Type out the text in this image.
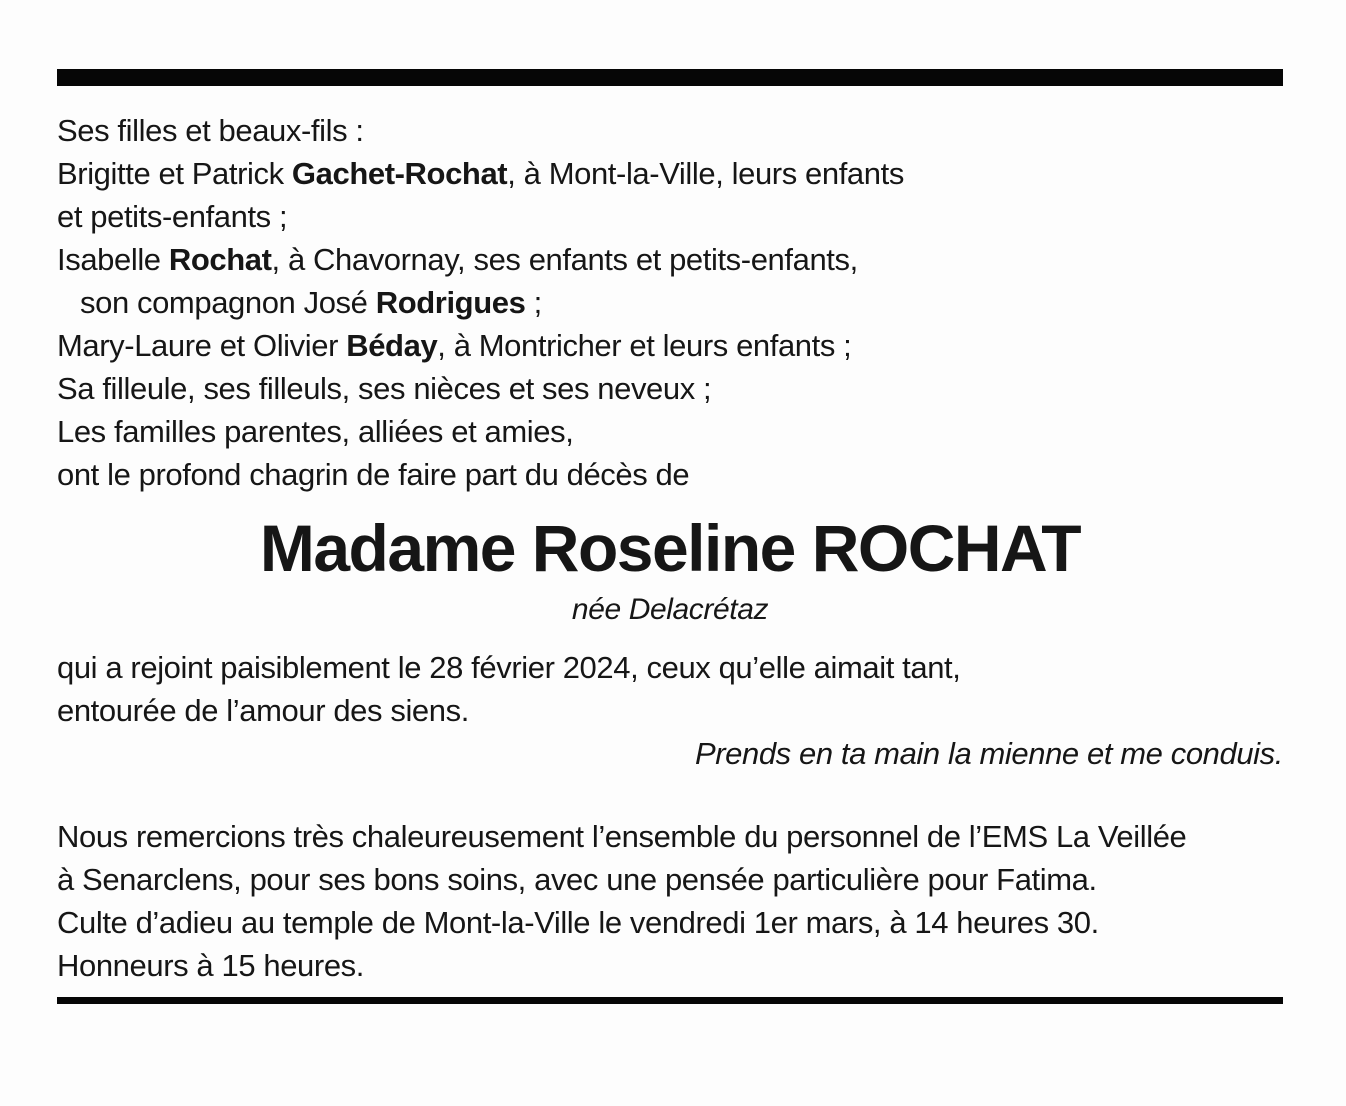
Ses filles et beaux-fils :
Brigitte et Patrick Gachet-Rochat, à Mont-la-Ville, leurs enfants
et petits-enfants ;
Isabelle Rochat, à Chavornay, ses enfants et petits-enfants,
son compagnon José Rodrigues ;
Mary-Laure et Olivier Béday, à Montricher et leurs enfants ;
Sa filleule, ses filleuls, ses nièces et ses neveux ;
Les familles parentes, alliées et amies,
ont le profond chagrin de faire part du décès de
Madame Roseline ROCHAT
née Delacrétaz

qui a rejoint paisiblement le 28 février 2024, ceux qu’elle aimait tant,
entourée de l’amour des siens.

Prends en ta main la mienne et me conduis.

Nous remercions très chaleureusement l’ensemble du personnel de l’EMS La Veillée
à Senarclens, pour ses bons soins, avec une pensée particulière pour Fatima.
Culte d’adieu au temple de Mont-la-Ville le vendredi 1er mars, à 14 heures 30.
Honneurs à 15 heures.
